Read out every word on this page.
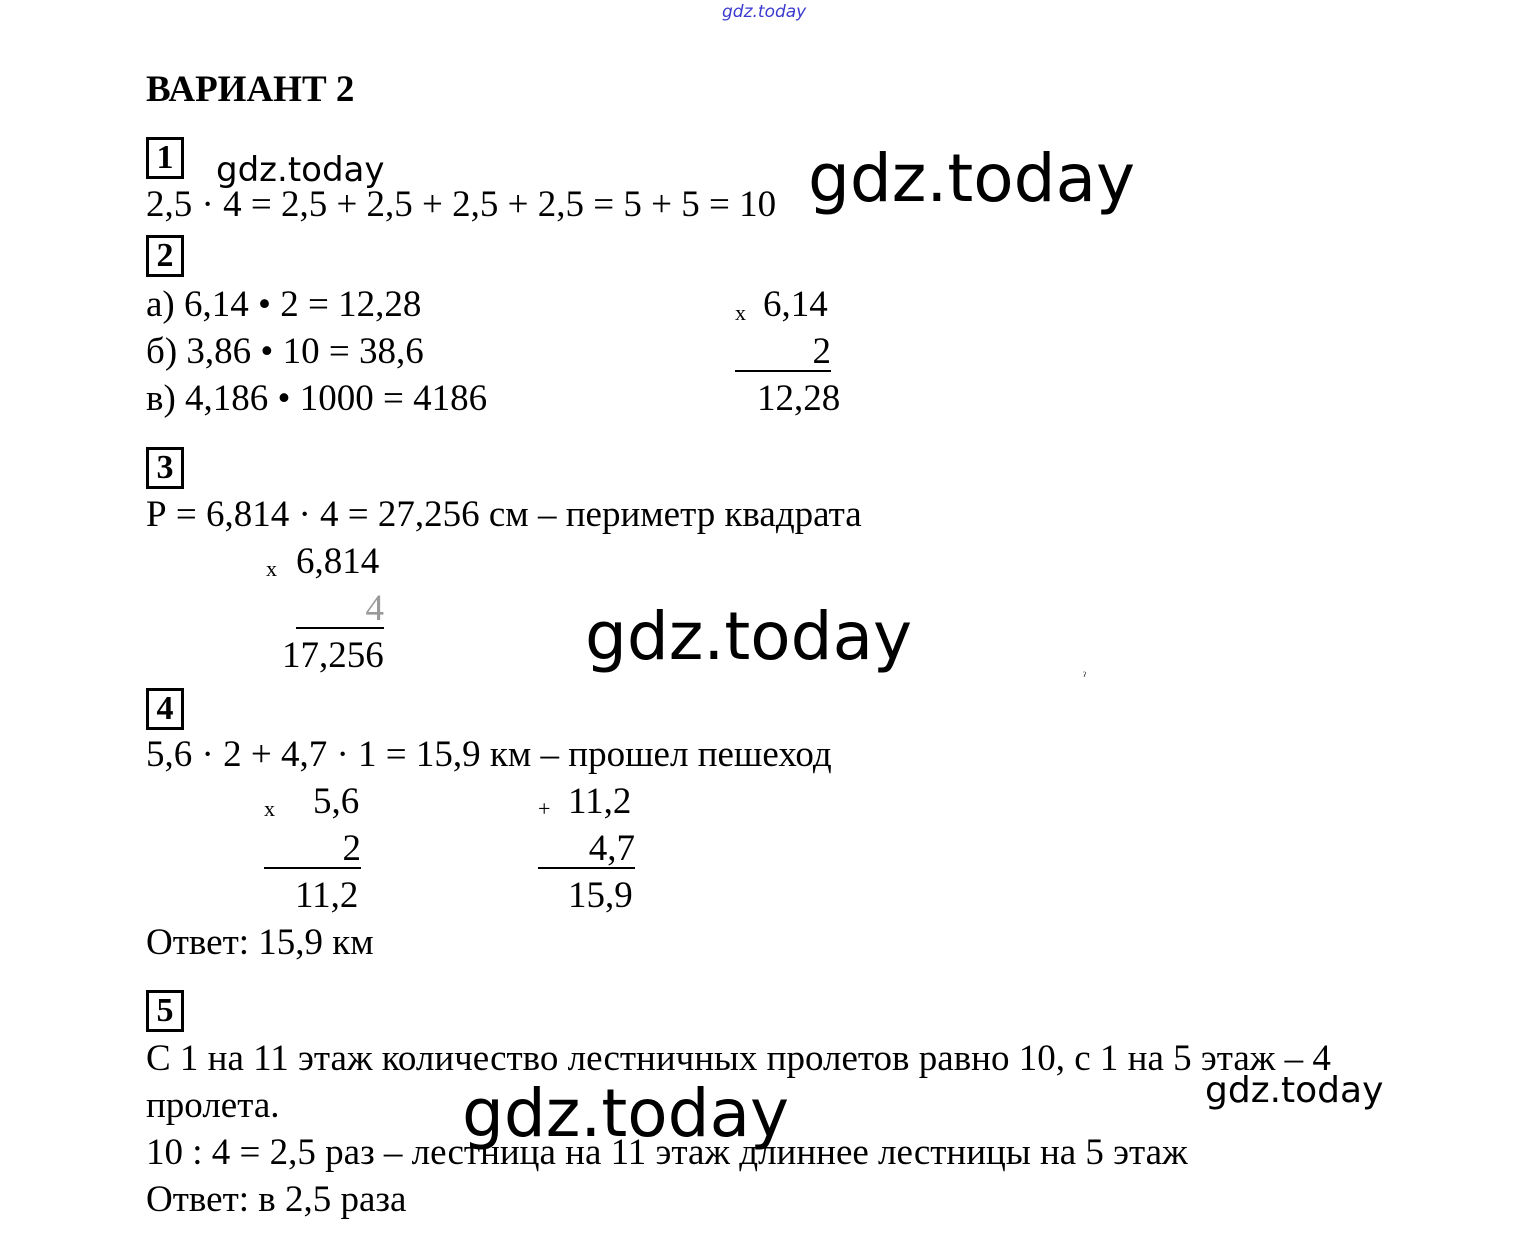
gdz.today
gdz.today	gdz.today
gdz.today
gdz.today	gdz.today
ВАРИАНТ 2
1
2,5 · 4 = 2,5 + 2,5 + 2,5 + 2,5 = 5 + 5 = 10
2
а) 6,14 • 2 = 12,28
б) 3,86 • 10 = 38,6
в) 4,186 • 1000 = 4186
x 6,14
2
12,28
3
Р = 6,814 · 4 = 27,256 см – периметр квадрата
x 6,814
4
17,256	ˀ
4
5,6 · 2 + 4,7 · 1 = 15,9 км – прошел пешеход
x 5,6
2
11,2
+ 11,2
4,7
15,9
Ответ: 15,9 км
5
С 1 на 11 этаж количество лестничных пролетов равно 10, с 1 на 5 этаж – 4
пролета.
10 : 4 = 2,5 раз – лестница на 11 этаж длиннее лестницы на 5 этаж
Ответ: в 2,5 раза
